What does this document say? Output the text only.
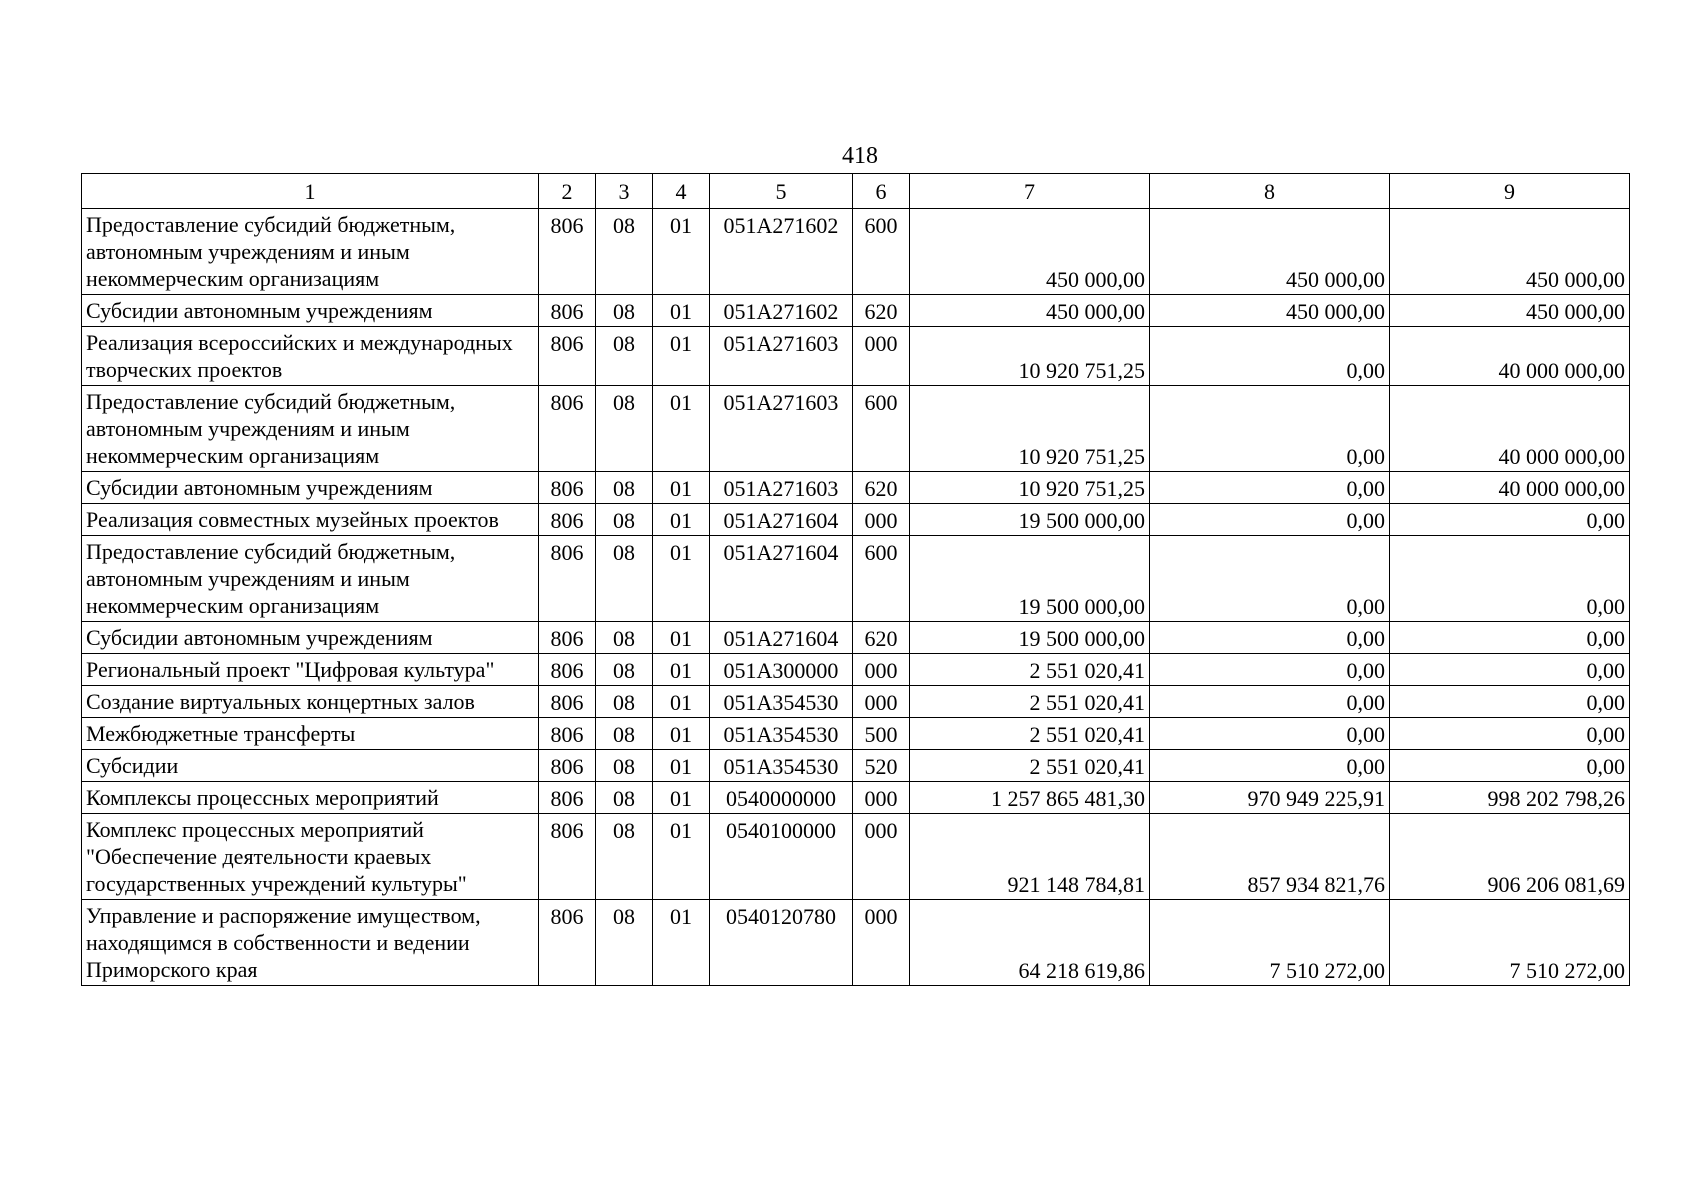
418
1	2	3	4	5	6	7	8	9
Предоставление субсидий бюджетным, автономным учреждениям и иным некоммерческим организациям	806	08	01	051A271602	600	450 000,00	450 000,00	450 000,00
Субсидии автономным учреждениям	806	08	01	051A271602	620	450 000,00	450 000,00	450 000,00
Реализация всероссийских и международных творческих проектов	806	08	01	051A271603	000	10 920 751,25	0,00	40 000 000,00
Предоставление субсидий бюджетным, автономным учреждениям и иным некоммерческим организациям	806	08	01	051A271603	600	10 920 751,25	0,00	40 000 000,00
Субсидии автономным учреждениям	806	08	01	051A271603	620	10 920 751,25	0,00	40 000 000,00
Реализация совместных музейных проектов	806	08	01	051A271604	000	19 500 000,00	0,00	0,00
Предоставление субсидий бюджетным, автономным учреждениям и иным некоммерческим организациям	806	08	01	051A271604	600	19 500 000,00	0,00	0,00
Субсидии автономным учреждениям	806	08	01	051A271604	620	19 500 000,00	0,00	0,00
Региональный проект "Цифровая культура"	806	08	01	051A300000	000	2 551 020,41	0,00	0,00
Создание виртуальных концертных залов	806	08	01	051A354530	000	2 551 020,41	0,00	0,00
Межбюджетные трансферты	806	08	01	051A354530	500	2 551 020,41	0,00	0,00
Субсидии	806	08	01	051A354530	520	2 551 020,41	0,00	0,00
Комплексы процессных мероприятий	806	08	01	0540000000	000	1 257 865 481,30	970 949 225,91	998 202 798,26
Комплекс процессных мероприятий "Обеспечение деятельности краевых государственных учреждений культуры"	806	08	01	0540100000	000	921 148 784,81	857 934 821,76	906 206 081,69
Управление и распоряжение имуществом, находящимся в собственности и ведении Приморского края	806	08	01	0540120780	000	64 218 619,86	7 510 272,00	7 510 272,00
